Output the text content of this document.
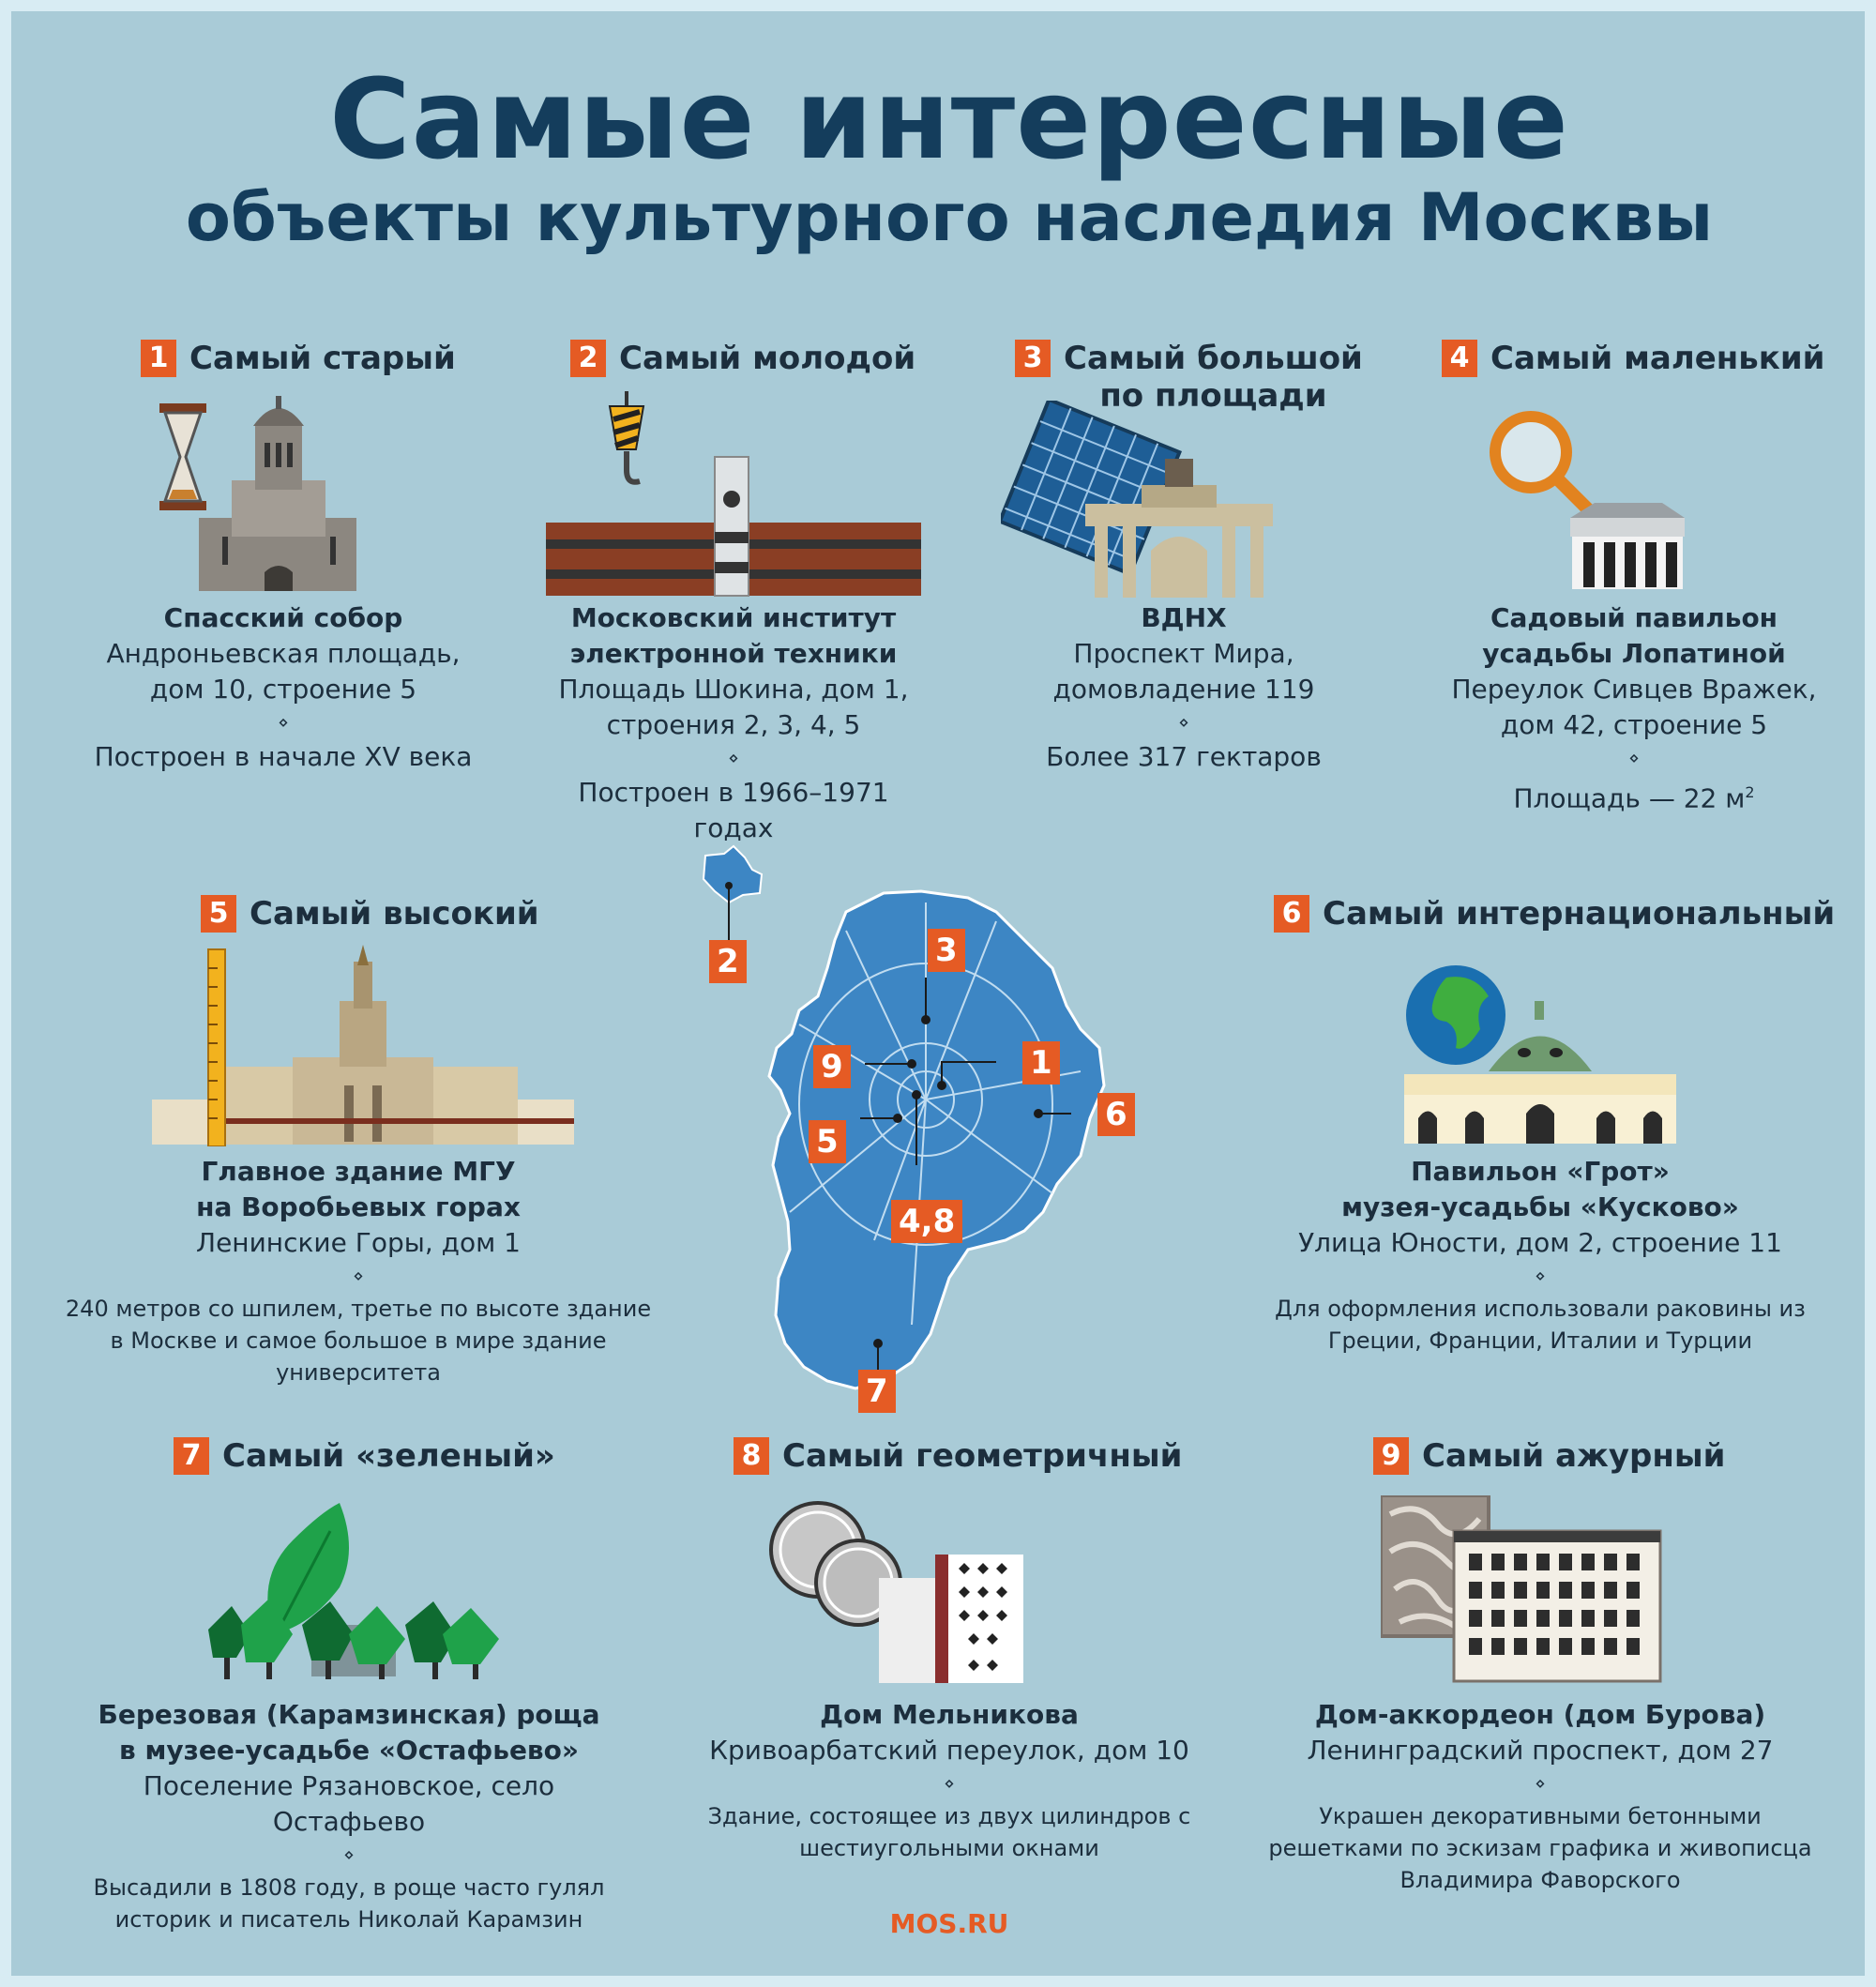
Самые интересные
объекты культурного наследия Москвы
1 Самый старый
Спасский собор
Андроньевская площадь,
дом 10, строение 5
⋄
Построен в начале XV века
2 Самый молодой
Московский институт
электронной техники
Площадь Шокина, дом 1,
строения 2, 3, 4, 5
⋄
Построен в 1966–1971 годах
3 Самый большой
по площади
ВДНХ
Проспект Мира,
домовладение 119
⋄
Более 317 гектаров
4 Самый маленький
Садовый павильон
усадьбы Лопатиной
Переулок Сивцев Вражек,
дом 42, строение 5
⋄
Площадь — 22 $м^2$
5 Самый высокий
Главное здание МГУ
на Воробьевых горах
Ленинские Горы, дом 1
⋄
240 метров со шпилем, третье по высоте здание
в Москве и самое большое в мире здание университета
6 Самый интернациональный
Павильон «Грот»
музея-усадьбы «Кусково»
Улица Юности, дом 2, строение 11
⋄
Для оформления использовали раковины из
Греции, Франции, Италии и Турции
2	3
1
9
5
6
4,8
7
7 Самый «зеленый»
Березовая (Карамзинская) роща
в музее-усадьбе «Остафьево»
Поселение Рязановское, село Остафьево
⋄
Высадили в 1808 году, в роще часто гулял
историк и писатель Николай Карамзин
8 Самый геометричный
Дом Мельникова
Кривоарбатский переулок, дом 10
⋄
Здание, состоящее из двух цилиндров с
шестиугольными окнами
9 Самый ажурный
Дом-аккордеон (дом Бурова)
Ленинградский проспект, дом 27
⋄
Украшен декоративными бетонными
решетками по эскизам графика и живописца
Владимира Фаворского
MOS.RU
